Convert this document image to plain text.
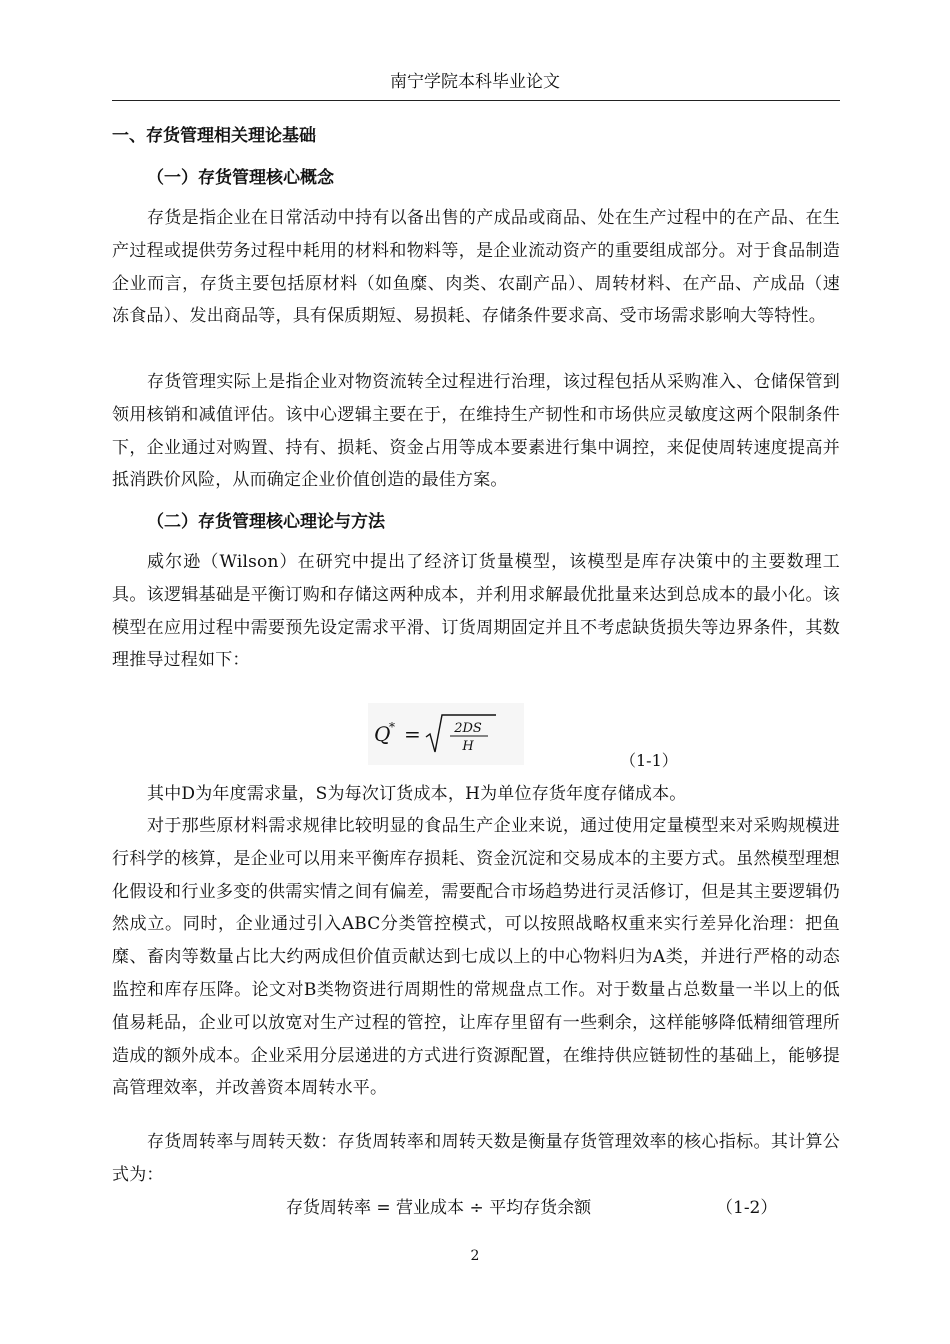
南宁学院本科毕业论文
一、存货管理相关理论基础
（一）存货管理核心概念
存货是指企业在日常活动中持有以备出售的产成品或商品、处在生产过程中的在产品、在生产过程或提供劳务过程中耗用的材料和物料等，是企业流动资产的重要组成部分。对于食品制造企业而言，存货主要包括原材料（如鱼糜、肉类、农副产品）、周转材料、在产品、产成品（速冻食品）、发出商品等，具有保质期短、易损耗、存储条件要求高、受市场需求影响大等特性。
存货管理实际上是指企业对物资流转全过程进行治理，该过程包括从采购准入、仓储保管到领用核销和减值评估。该中心逻辑主要在于，在维持生产韧性和市场供应灵敏度这两个限制条件下，企业通过对购置、持有、损耗、资金占用等成本要素进行集中调控，来促使周转速度提高并抵消跌价风险，从而确定企业价值创造的最佳方案。
（二）存货管理核心理论与方法
威尔逊（Wilson）在研究中提出了经济订货量模型，该模型是库存决策中的主要数理工具。该逻辑基础是平衡订购和存储这两种成本，并利用求解最优批量来达到总成本的最小化。该模型在应用过程中需要预先设定需求平滑、订货周期固定并且不考虑缺货损失等边界条件，其数理推导过程如下：
Q
* =	2DS
H
（1-1）
其中D为年度需求量，S为每次订货成本，H为单位存货年度存储成本。
对于那些原材料需求规律比较明显的食品生产企业来说，通过使用定量模型来对采购规模进行科学的核算，是企业可以用来平衡库存损耗、资金沉淀和交易成本的主要方式。虽然模型理想化假设和行业多变的供需实情之间有偏差，需要配合市场趋势进行灵活修订，但是其主要逻辑仍然成立。同时，企业通过引入ABC分类管控模式，可以按照战略权重来实行差异化治理：把鱼糜、畜肉等数量占比大约两成但价值贡献达到七成以上的中心物料归为A类，并进行严格的动态监控和库存压降。论文对B类物资进行周期性的常规盘点工作。对于数量占总数量一半以上的低值易耗品，企业可以放宽对生产过程的管控，让库存里留有一些剩余，这样能够降低精细管理所造成的额外成本。企业采用分层递进的方式进行资源配置，在维持供应链韧性的基础上，能够提高管理效率，并改善资本周转水平。
存货周转率与周转天数：存货周转率和周转天数是衡量存货管理效率的核心指标。其计算公式为：
存货周转率 = 营业成本 ÷ 平均存货余额	（1-2）
2
